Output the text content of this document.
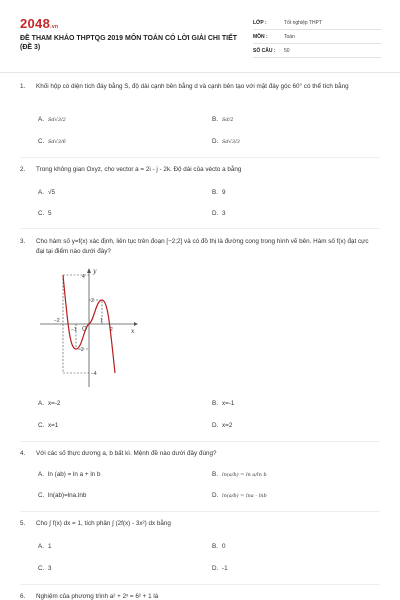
2048.vn
ĐỀ THAM KHẢO THPTQG 2019 MÔN TOÁN CÓ LỜI GIẢI CHI TIẾT (ĐỀ 3)
LỚP :	Tốt nghiệp THPT
MÔN :	Toán
SỐ CÂU :	50
1. Khối hộp có diện tích đáy bằng S, độ dài cạnh bên bằng d và cạnh bên tạo với mặt đáy góc 60° có thể tích bằng
A. Sd√3/2	B. Sd/2
C. Sd√3/6	D. Sd√3/3
2. Trong không gian Oxyz, cho vector a = 2i - j - 2k. Độ dài của vécto a bằng
A. √5	B. 9
C. 5	D. 3
3. Cho hàm số y=f(x) xác định, liên tục trên đoạn [−2;2] và có đồ thị là đường cong trong hình vẽ bên. Hàm số f(x) đạt cực đại tại điểm nào dưới đây?
y
x
O
4
2
−2
−4
−2
−1
1
2
A. x=-2	B. x=-1
C. x=1	D. x=2
4. Với các số thực dương a, b bất kì. Mệnh đề nào dưới đây đúng?
A. ln (ab) = ln a + ln b	B. ln(a/b) = ln a/ln b
C. ln(ab)=lna.lnb	D. ln(a/b) = lna - lnb
5. Cho ∫ f(x) dx = 1, tích phân ∫ (2f(x) - 3x²) dx bằng
A. 1	B. 0
C. 3	D. -1
6. Nghiệm của phương trình a² + 2ˣ = 6² + 1 là
